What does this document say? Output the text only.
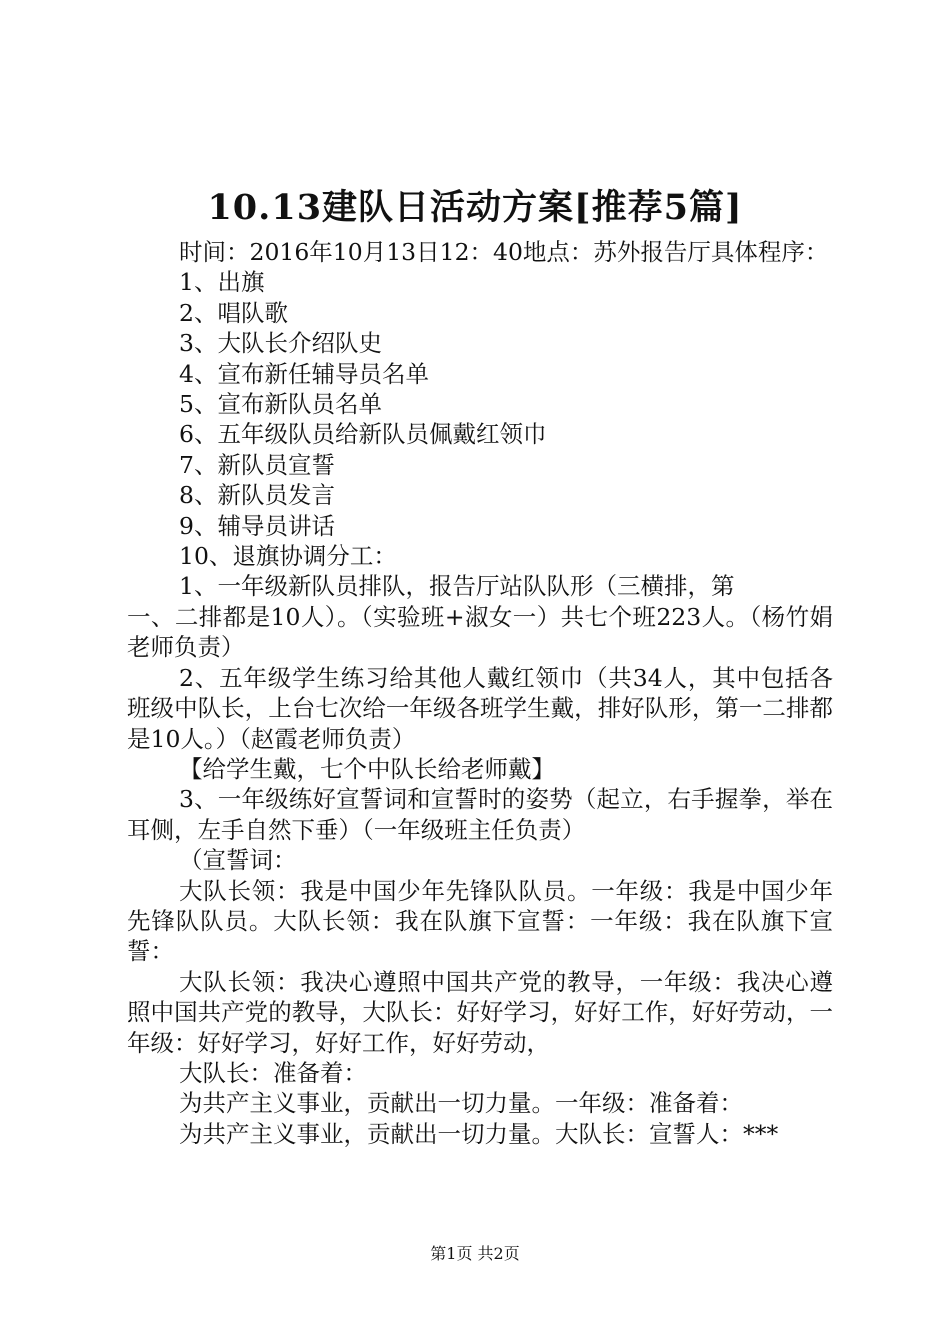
10.13建队日活动方案[推荐5篇]

时间：2016年10月13日12：40地点：苏外报告厅具体程序：

1、出旗

2、唱队歌

3、大队长介绍队史

4、宣布新任辅导员名单

5、宣布新队员名单

6、五年级队员给新队员佩戴红领巾

7、新队员宣誓

8、新队员发言

9、辅导员讲话

10、退旗协调分工：

1、一年级新队员排队，报告厅站队队形（三横排，第

一、二排都是10人）。（实验班+淑女一）共七个班223人。（杨竹娟老师负责）

2、五年级学生练习给其他人戴红领巾（共34人，其中包括各班级中队长，上台七次给一年级各班学生戴，排好队形，第一二排都是10人。）（赵霞老师负责）

【给学生戴，七个中队长给老师戴】

3、一年级练好宣誓词和宣誓时的姿势（起立，右手握拳，举在耳侧，左手自然下垂）（一年级班主任负责）

（宣誓词：

大队长领：我是中国少年先锋队队员。一年级：我是中国少年先锋队队员。大队长领：我在队旗下宣誓：一年级：我在队旗下宣誓：

大队长领：我决心遵照中国共产党的教导，一年级：我决心遵照中国共产党的教导，大队长：好好学习，好好工作，好好劳动，一年级：好好学习，好好工作，好好劳动，

大队长：准备着：

为共产主义事业，贡献出一切力量。一年级：准备着：

为共产主义事业，贡献出一切力量。大队长：宣誓人：***

第1页 共2页
